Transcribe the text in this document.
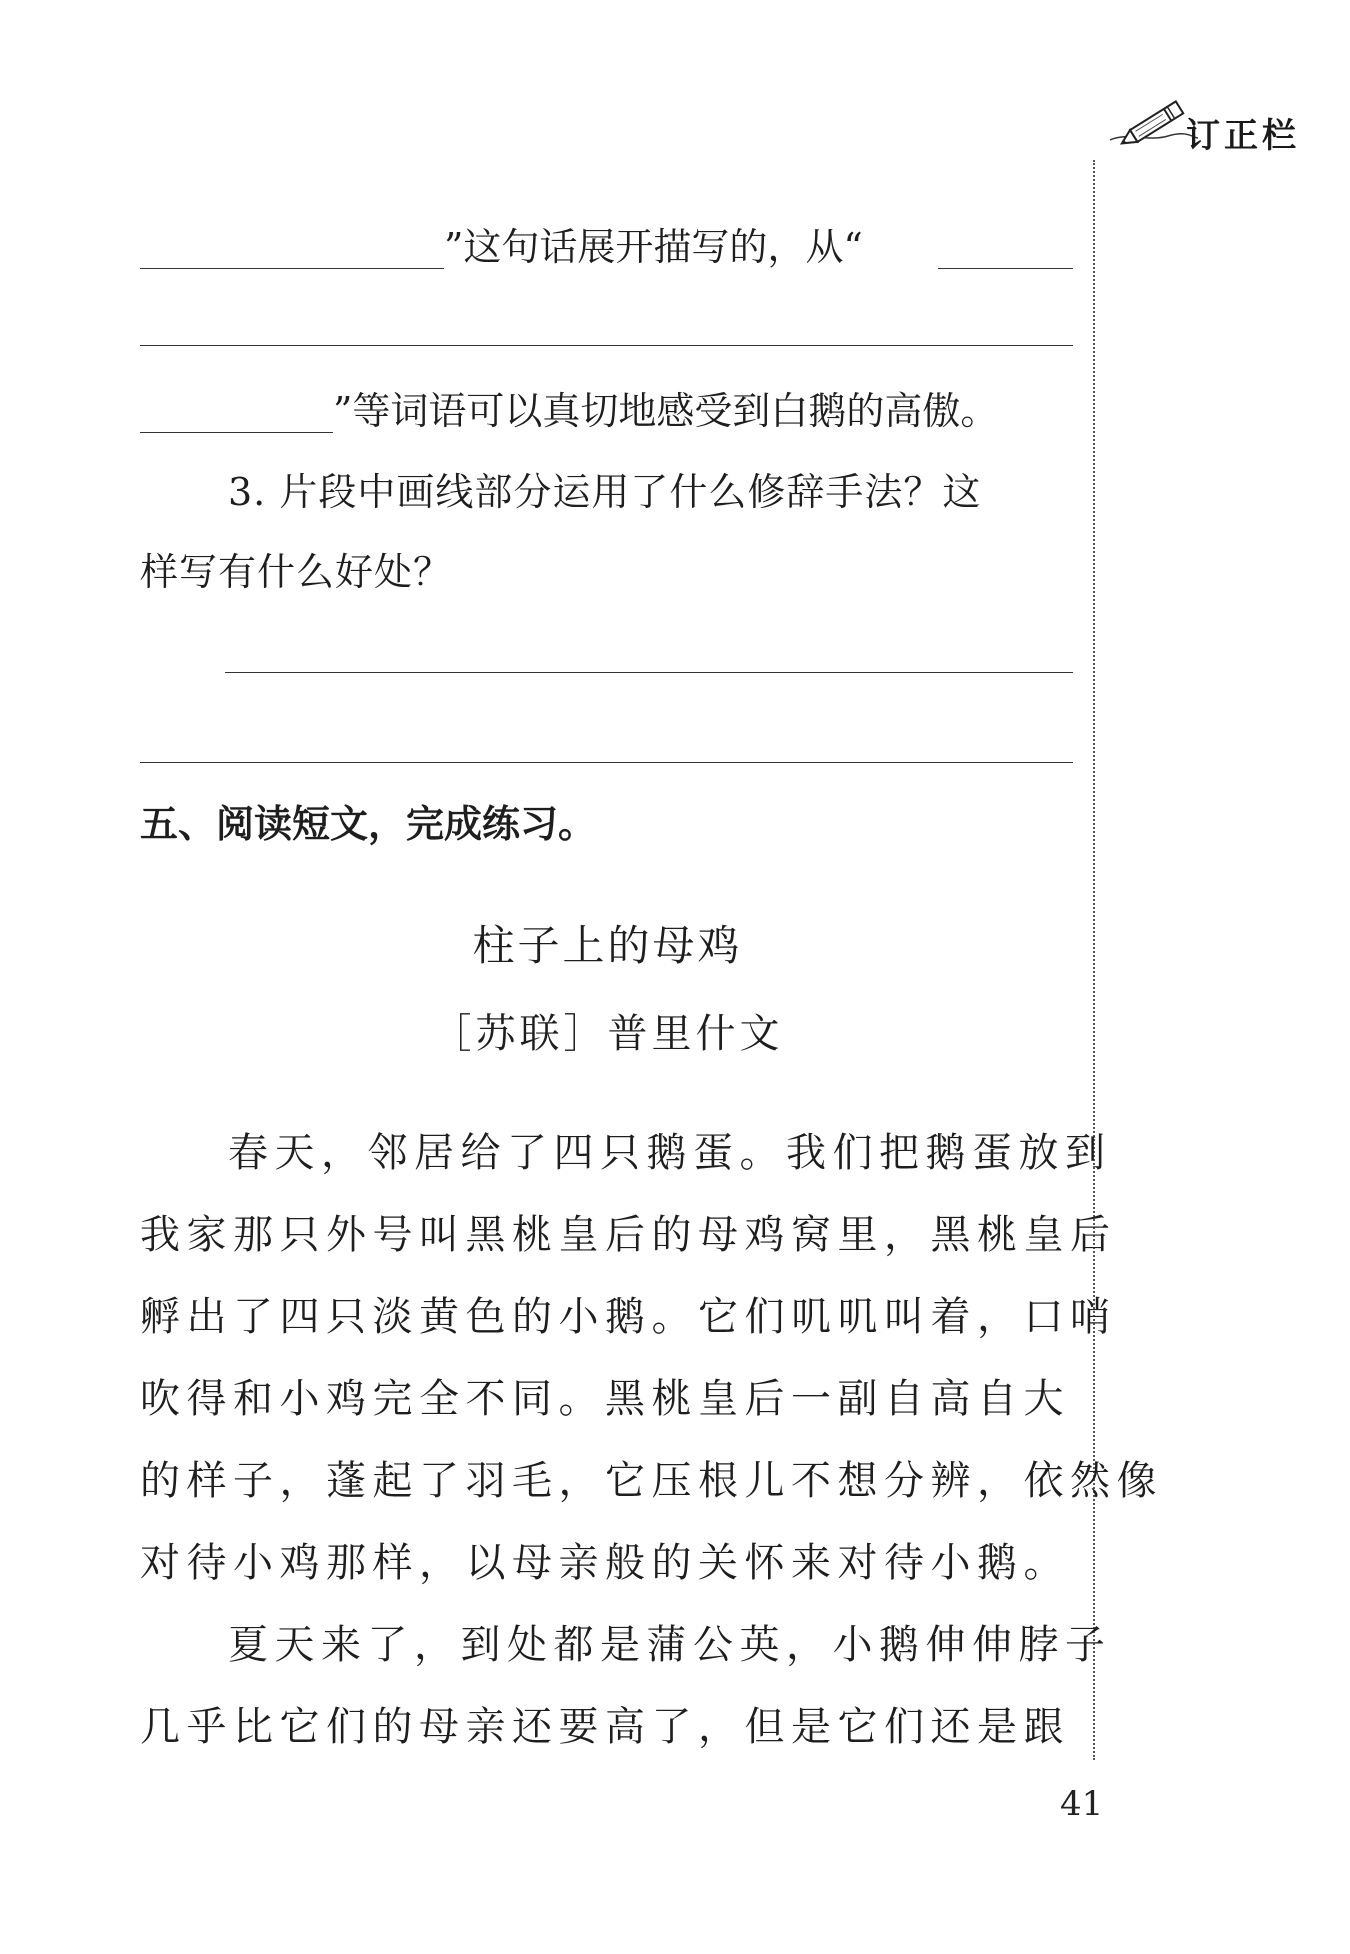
订正栏
”这句话展开描写的，从“
”等词语可以真切地感受到白鹅的高傲。
3. 片段中画线部分运用了什么修辞手法？这
样写有什么好处？
五、阅读短文，完成练习。
柱子上的母鸡
［苏联］普里什文
春天，邻居给了四只鹅蛋。我们把鹅蛋放到
我家那只外号叫黑桃皇后的母鸡窝里，黑桃皇后
孵出了四只淡黄色的小鹅。它们叽叽叫着，口哨
吹得和小鸡完全不同。黑桃皇后一副自高自大
的样子，蓬起了羽毛，它压根儿不想分辨，依然像
对待小鸡那样，以母亲般的关怀来对待小鹅。
夏天来了，到处都是蒲公英，小鹅伸伸脖子
几乎比它们的母亲还要高了，但是它们还是跟
41
